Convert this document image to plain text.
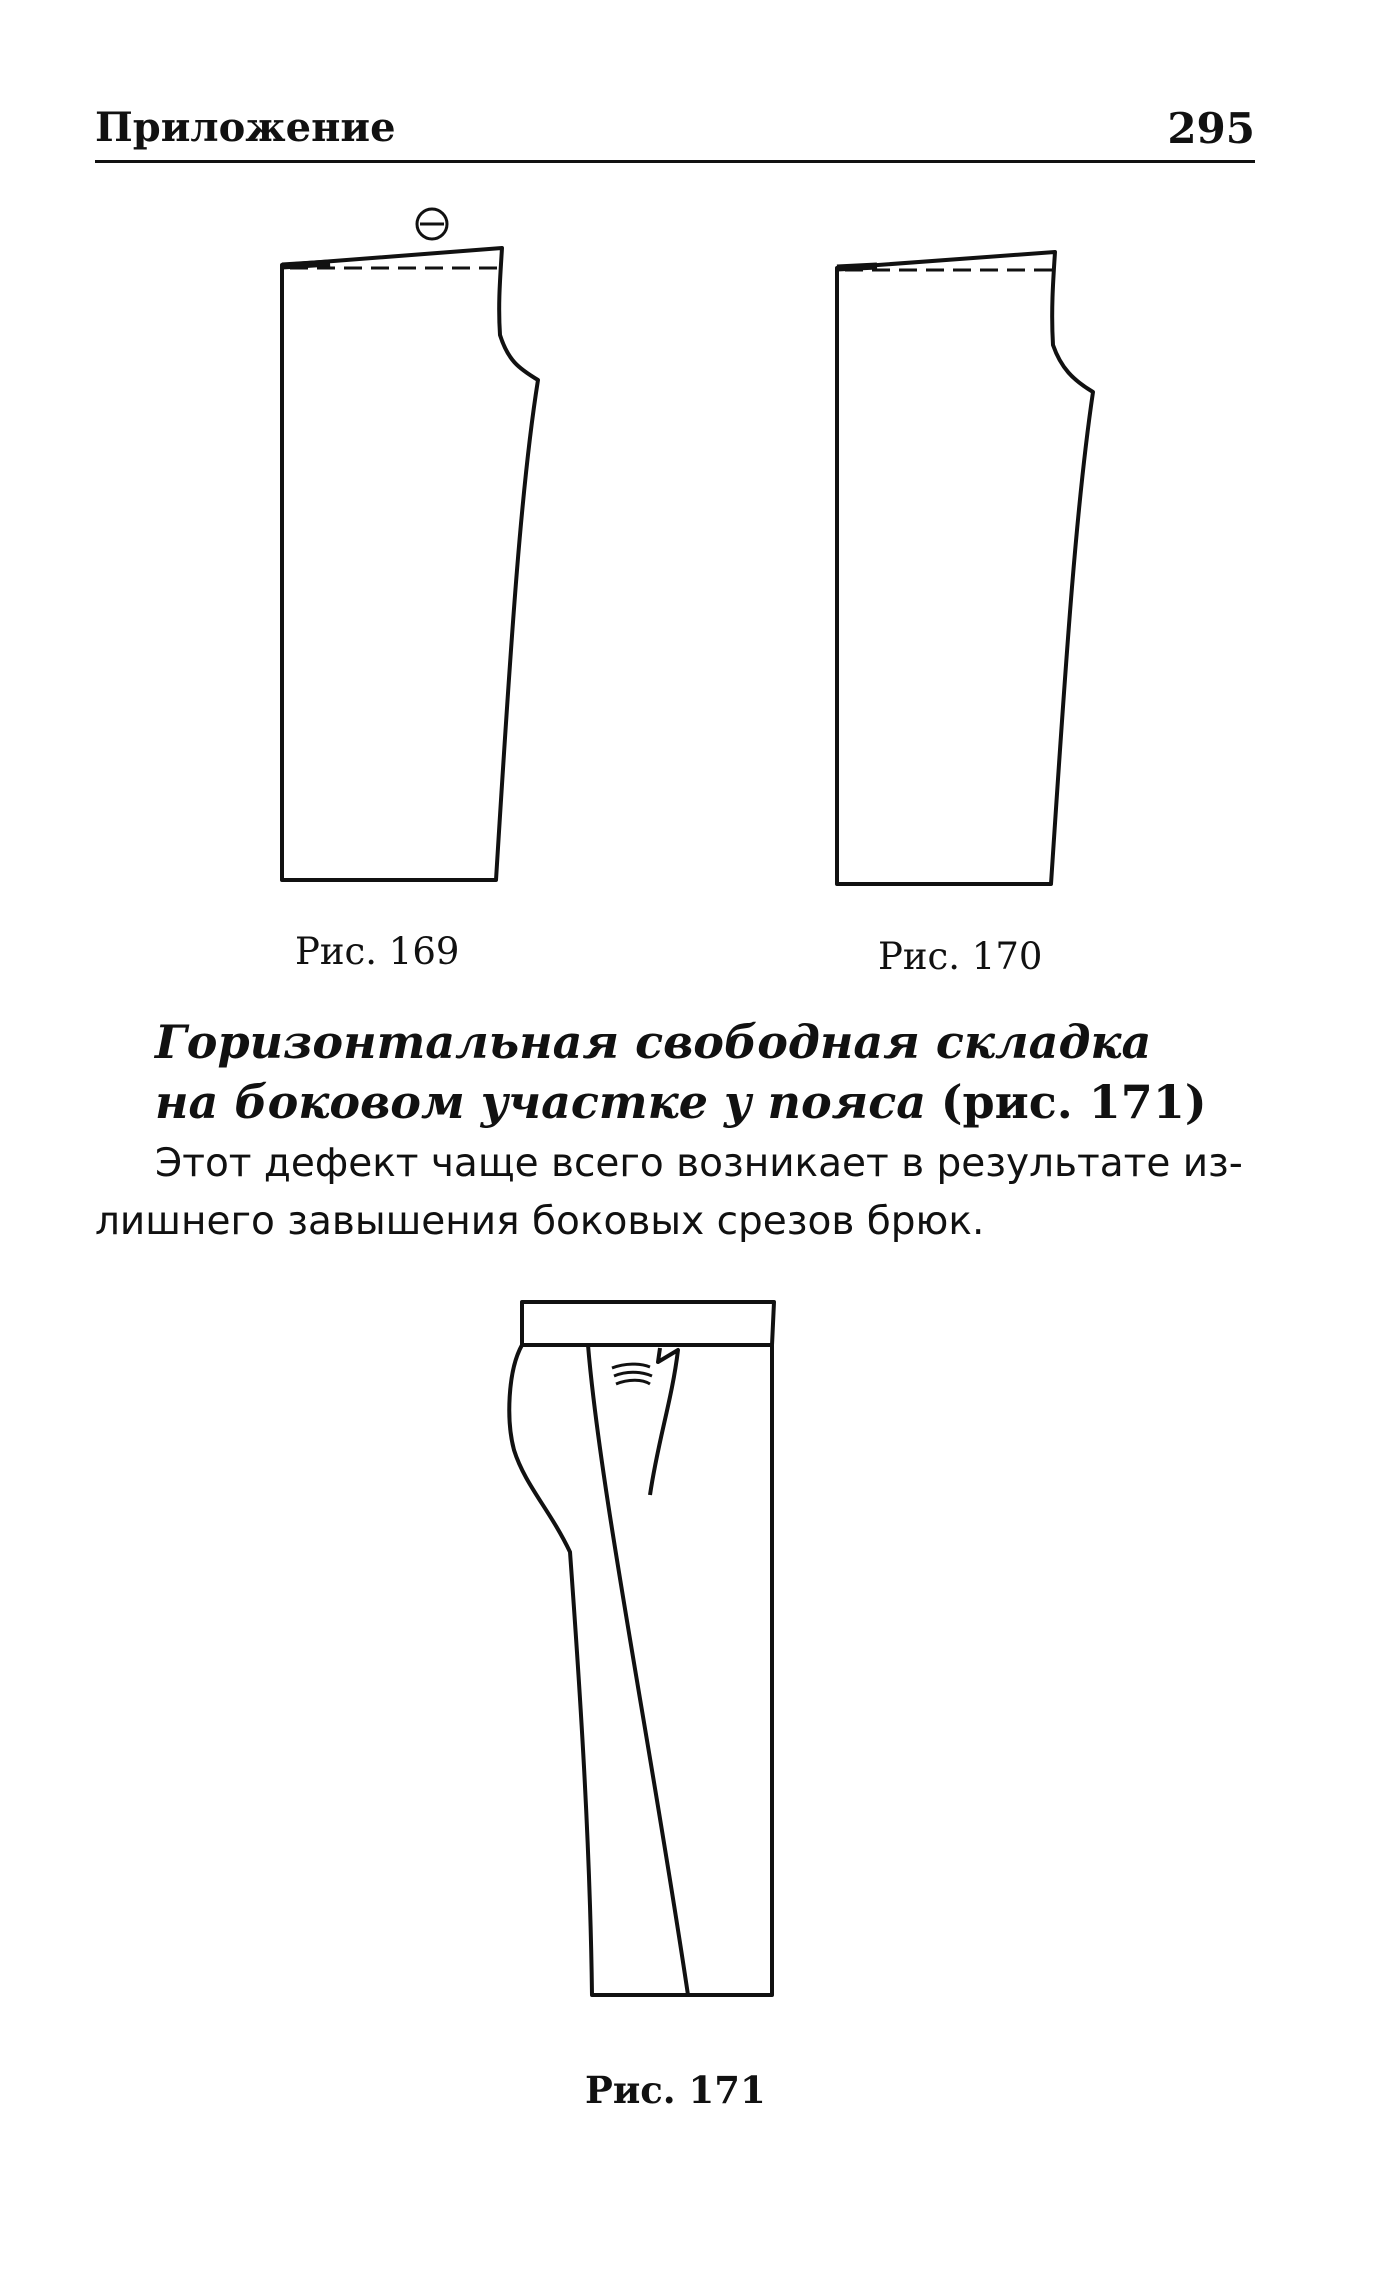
Приложение	295
Рис. 169	Рис. 170
Горизонтальная свободная складка
на боковом участке у пояса (рис. 171)
Этот дефект чаще всего возникает в результате из-
лишнего завышения боковых срезов брюк.
Рис. 171
